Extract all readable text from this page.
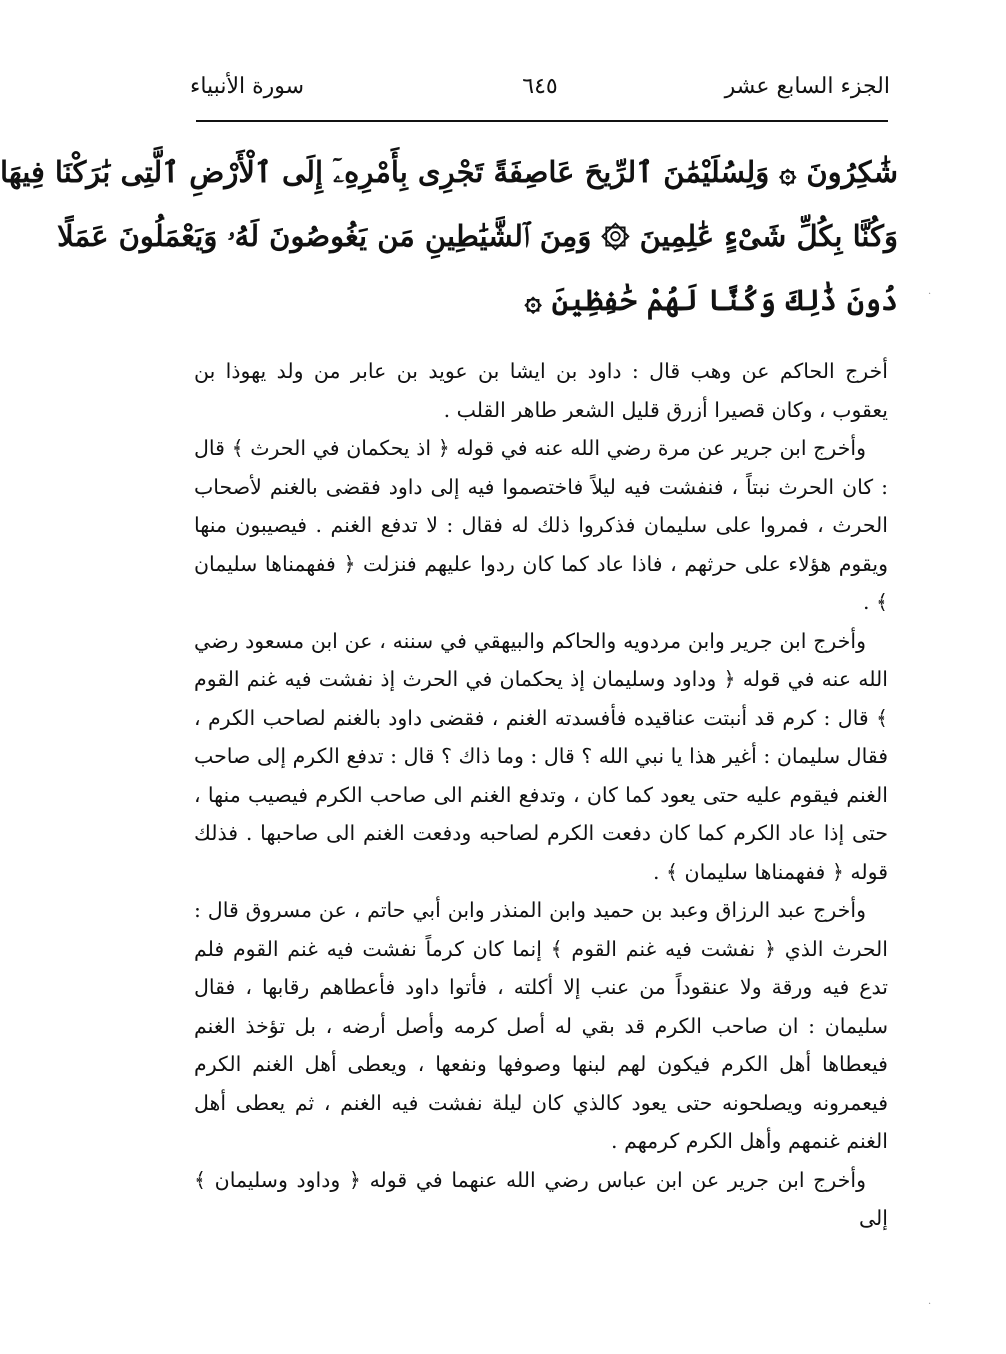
الجزء السابع عشر
٦٤٥
سورة الأنبياء
شَٰكِرُونَ ۞ وَلِسُلَيْمَٰنَ ٱلرِّيحَ عَاصِفَةً تَجْرِى بِأَمْرِهِۦٓ إِلَى ٱلْأَرْضِ ٱلَّتِى بَٰرَكْنَا فِيهَا
وَكُنَّا بِكُلِّ شَىْءٍ عَٰلِمِينَ ۞ وَمِنَ ٱلشَّيَٰطِينِ مَن يَغُوصُونَ لَهُۥ وَيَعْمَلُونَ عَمَلًا
دُونَ ذَٰلِكَ وَكُنَّا لَهُمْ حَٰفِظِينَ ۞

أخرج الحاكم عن وهب قال : داود بن ايشا بن عويد بن عابر من ولد يهوذا بن يعقوب ، وكان قصيرا أزرق قليل الشعر طاهر القلب .

وأخرج ابن جرير عن مرة رضي الله عنه في قوله ﴿ اذ يحكمان في الحرث ﴾ قال : كان الحرث نبتاً ، فنفشت فيه ليلاً فاختصموا فيه إلى داود فقضى بالغنم لأصحاب الحرث ، فمروا على سليمان فذكروا ذلك له فقال : لا تدفع الغنم . فيصيبون منها ويقوم هؤلاء على حرثهم ، فاذا عاد كما كان ردوا عليهم فنزلت ﴿ ففهمناها سليمان ﴾ .

وأخرج ابن جرير وابن مردويه والحاكم والبيهقي في سننه ، عن ابن مسعود رضي الله عنه في قوله ﴿ وداود وسليمان إذ يحكمان في الحرث إذ نفشت فيه غنم القوم ﴾ قال : كرم قد أنبتت عناقيده فأفسدته الغنم ، فقضى داود بالغنم لصاحب الكرم ، فقال سليمان : أغير هذا يا نبي الله ؟ قال : وما ذاك ؟ قال : تدفع الكرم إلى صاحب الغنم فيقوم عليه حتى يعود كما كان ، وتدفع الغنم الى صاحب الكرم فيصيب منها ، حتى إذا عاد الكرم كما كان دفعت الكرم لصاحبه ودفعت الغنم الى صاحبها . فذلك قوله ﴿ ففهمناها سليمان ﴾ .

وأخرج عبد الرزاق وعبد بن حميد وابن المنذر وابن أبي حاتم ، عن مسروق قال : الحرث الذي ﴿ نفشت فيه غنم القوم ﴾ إنما كان كرماً نفشت فيه غنم القوم فلم تدع فيه ورقة ولا عنقوداً من عنب إلا أكلته ، فأتوا داود فأعطاهم رقابها ، فقال سليمان : ان صاحب الكرم قد بقي له أصل كرمه وأصل أرضه ، بل تؤخذ الغنم فيعطاها أهل الكرم فيكون لهم لبنها وصوفها ونفعها ، ويعطى أهل الغنم الكرم فيعمرونه ويصلحونه حتى يعود كالذي كان ليلة نفشت فيه الغنم ، ثم يعطى أهل الغنم غنمهم وأهل الكرم كرمهم .

وأخرج ابن جرير عن ابن عباس رضي الله عنهما في قوله ﴿ وداود وسليمان ﴾ إلى

·
·
